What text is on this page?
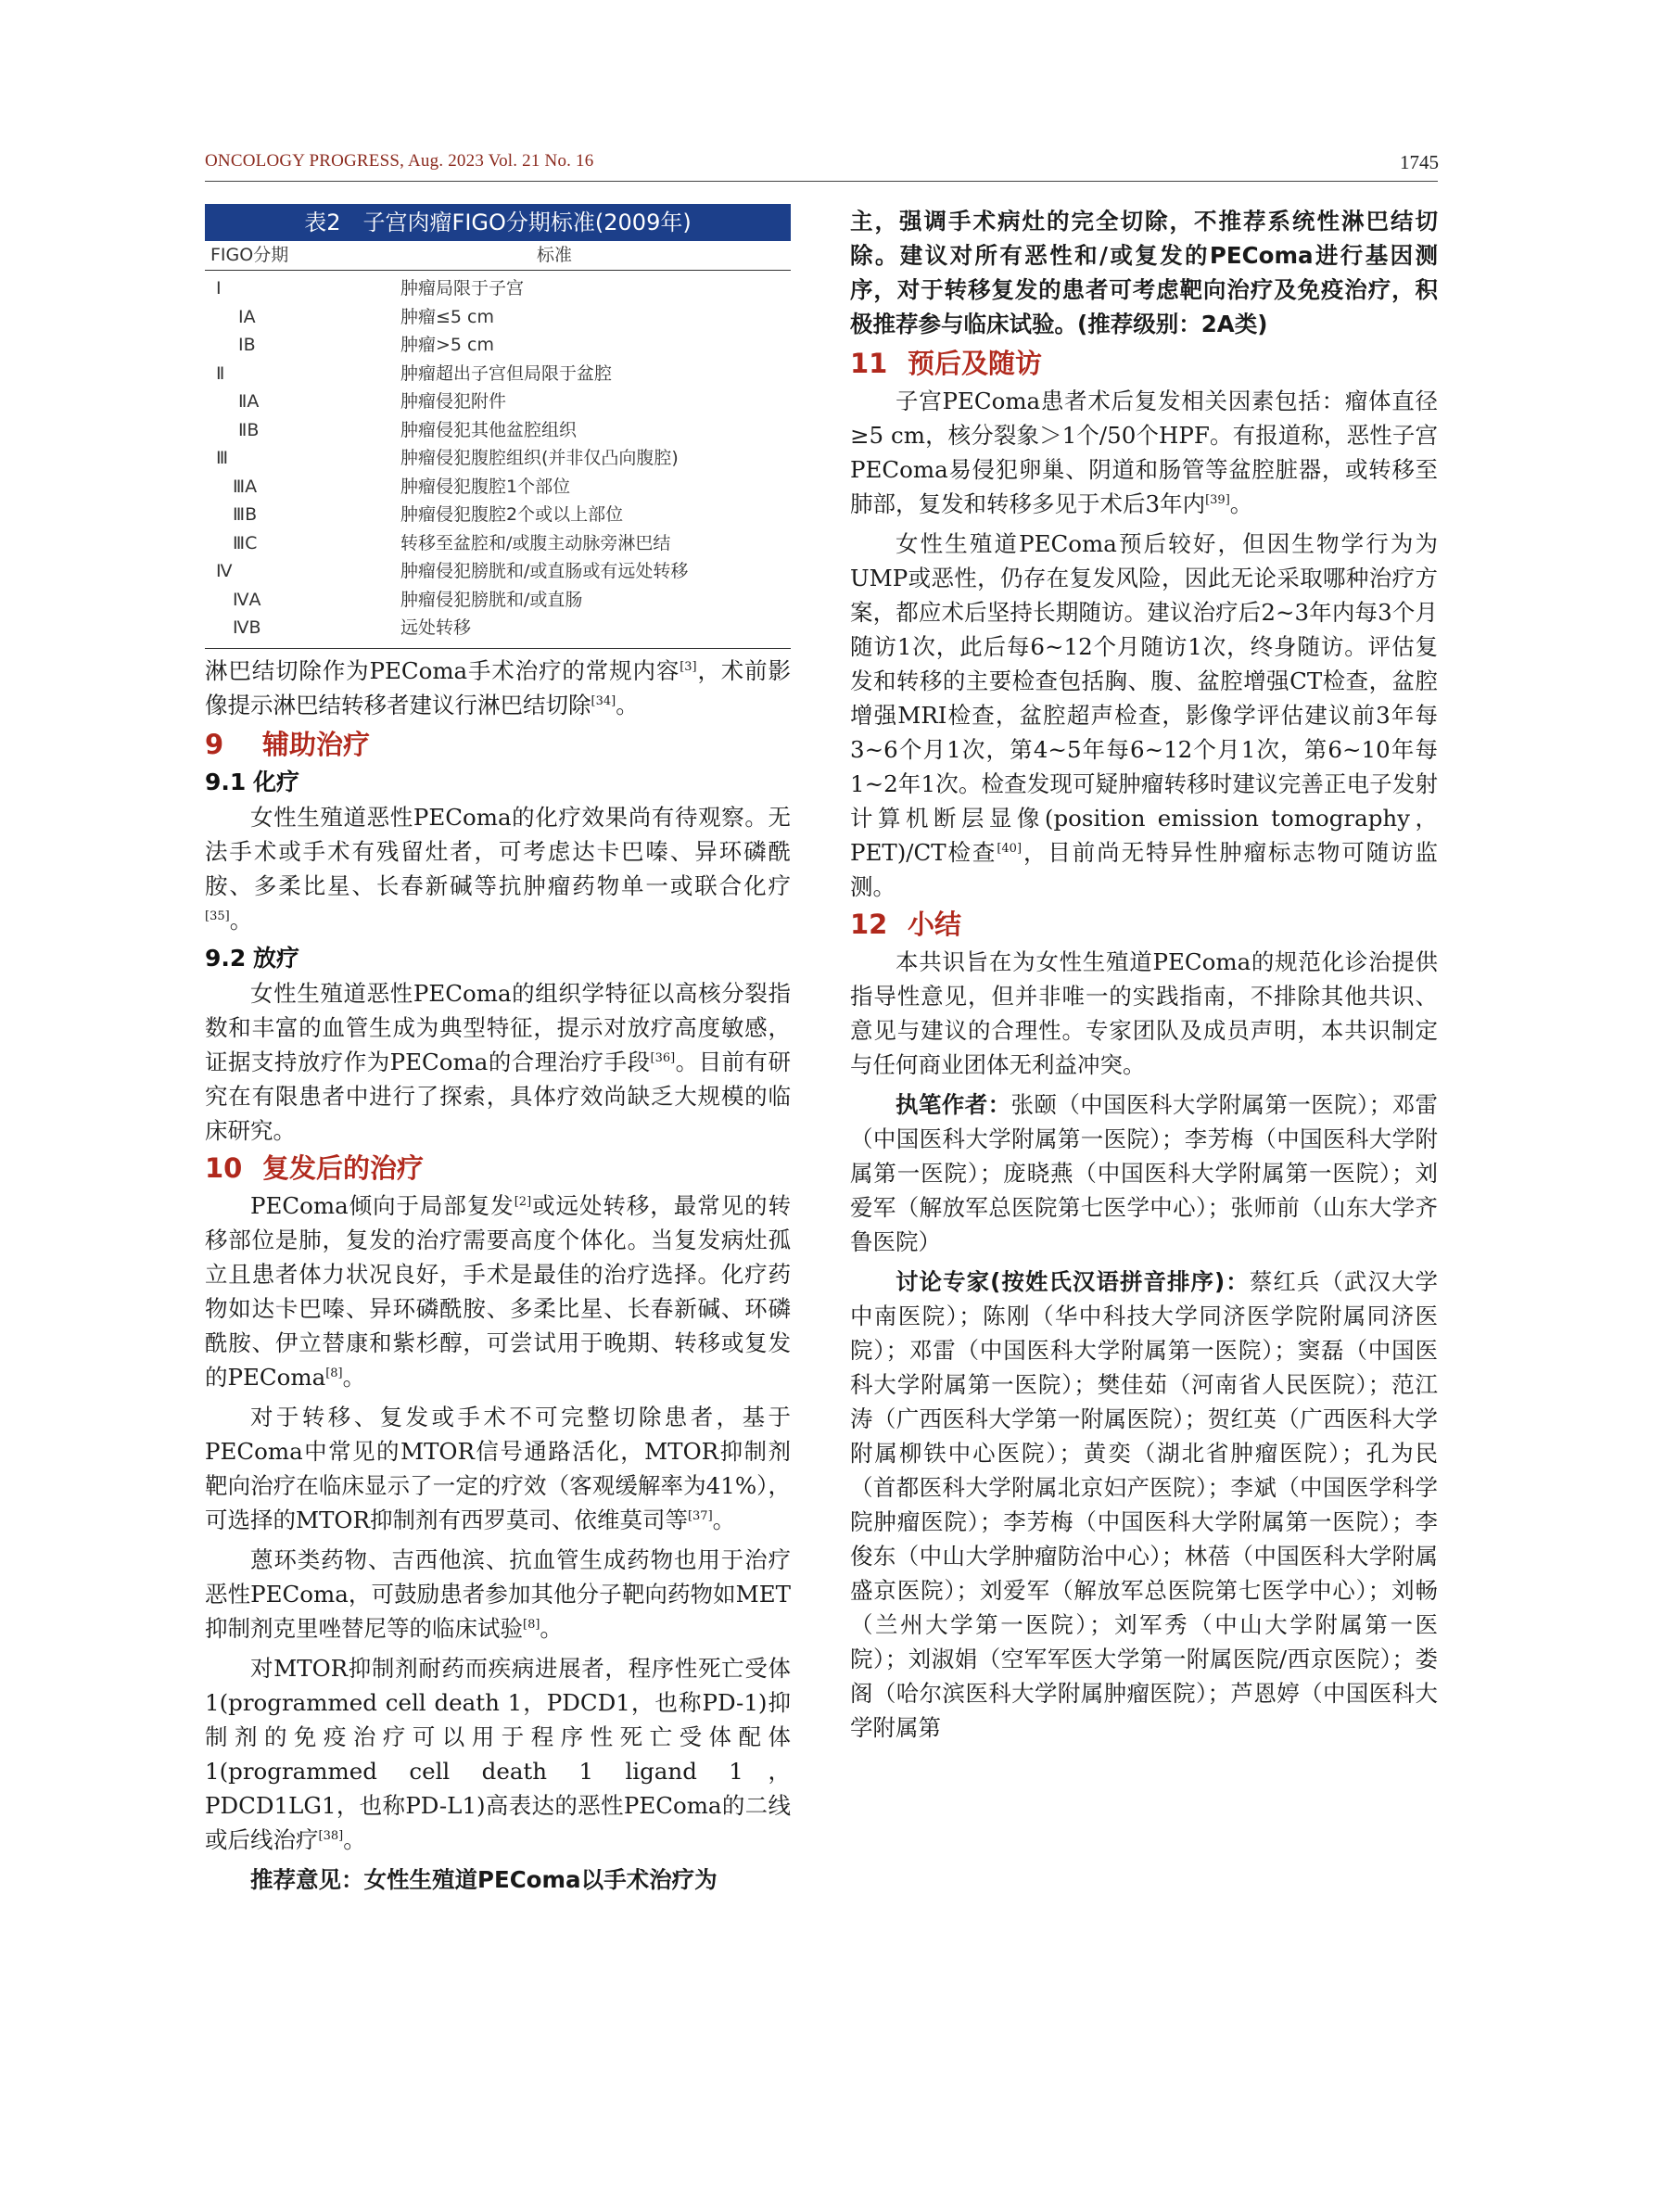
ONCOLOGY PROGRESS, Aug. 2023 Vol. 21 No. 16	1745
表2　子宫肉瘤FIGO分期标准(2009年)
FIGO分期	标准
Ⅰ	肿瘤局限于子宫
ⅠA	肿瘤≤5 cm
ⅠB	肿瘤>5 cm
Ⅱ	肿瘤超出子宫但局限于盆腔
ⅡA	肿瘤侵犯附件
ⅡB	肿瘤侵犯其他盆腔组织
Ⅲ	肿瘤侵犯腹腔组织(并非仅凸向腹腔)
ⅢA	肿瘤侵犯腹腔1个部位
ⅢB	肿瘤侵犯腹腔2个或以上部位
ⅢC	转移至盆腔和/或腹主动脉旁淋巴结
Ⅳ	肿瘤侵犯膀胱和/或直肠或有远处转移
ⅣA	肿瘤侵犯膀胱和/或直肠
ⅣB	远处转移

淋巴结切除作为PEComa手术治疗的常规内容[3]，术前影像提示淋巴结转移者建议行淋巴结切除[34]。

9 辅助治疗
9.1 化疗

女性生殖道恶性PEComa的化疗效果尚有待观察。无法手术或手术有残留灶者，可考虑达卡巴嗪、异环磷酰胺、多柔比星、长春新碱等抗肿瘤药物单一或联合化疗[35]。

9.2 放疗

女性生殖道恶性PEComa的组织学特征以高核分裂指数和丰富的血管生成为典型特征，提示对放疗高度敏感，证据支持放疗作为PEComa的合理治疗手段[36]。目前有研究在有限患者中进行了探索，具体疗效尚缺乏大规模的临床研究。

10 复发后的治疗

PEComa倾向于局部复发[2]或远处转移，最常见的转移部位是肺，复发的治疗需要高度个体化。当复发病灶孤立且患者体力状况良好，手术是最佳的治疗选择。化疗药物如达卡巴嗪、异环磷酰胺、多柔比星、长春新碱、环磷酰胺、伊立替康和紫杉醇，可尝试用于晚期、转移或复发的PEComa[8]。

对于转移、复发或手术不可完整切除患者，基于PEComa中常见的MTOR信号通路活化，MTOR抑制剂靶向治疗在临床显示了一定的疗效（客观缓解率为41%），可选择的MTOR抑制剂有西罗莫司、依维莫司等[37]。

蒽环类药物、吉西他滨、抗血管生成药物也用于治疗恶性PEComa，可鼓励患者参加其他分子靶向药物如MET抑制剂克里唑替尼等的临床试验[8]。

对MTOR抑制剂耐药而疾病进展者，程序性死亡受体1(programmed cell death 1，PDCD1，也称PD-1)抑制剂的免疫治疗可以用于程序性死亡受体配体1(programmed cell death 1 ligand 1，PDCD1LG1，也称PD-L1)高表达的恶性PEComa的二线或后线治疗[38]。

推荐意见：女性生殖道PEComa以手术治疗为

主，强调手术病灶的完全切除，不推荐系统性淋巴结切除。建议对所有恶性和/或复发的PEComa进行基因测序，对于转移复发的患者可考虑靶向治疗及免疫治疗，积极推荐参与临床试验。(推荐级别：2A类)

11 预后及随访

子宫PEComa患者术后复发相关因素包括：瘤体直径≥5 cm，核分裂象＞1个/50个HPF。有报道称，恶性子宫PEComa易侵犯卵巢、阴道和肠管等盆腔脏器，或转移至肺部，复发和转移多见于术后3年内[39]。

女性生殖道PEComa预后较好，但因生物学行为为UMP或恶性，仍存在复发风险，因此无论采取哪种治疗方案，都应术后坚持长期随访。建议治疗后2~3年内每3个月随访1次，此后每6~12个月随访1次，终身随访。评估复发和转移的主要检查包括胸、腹、盆腔增强CT检查，盆腔增强MRI检查，盆腔超声检查，影像学评估建议前3年每3~6个月1次，第4~5年每6~12个月1次，第6~10年每1~2年1次。检查发现可疑肿瘤转移时建议完善正电子发射计算机断层显像(position emission tomography，PET)/CT检查[40]，目前尚无特异性肿瘤标志物可随访监测。

12 小结

本共识旨在为女性生殖道PEComa的规范化诊治提供指导性意见，但并非唯一的实践指南，不排除其他共识、意见与建议的合理性。专家团队及成员声明，本共识制定与任何商业团体无利益冲突。

执笔作者：张颐（中国医科大学附属第一医院）；邓雷（中国医科大学附属第一医院）；李芳梅（中国医科大学附属第一医院）；庞晓燕（中国医科大学附属第一医院）；刘爱军（解放军总医院第七医学中心）；张师前（山东大学齐鲁医院）

讨论专家(按姓氏汉语拼音排序)：蔡红兵（武汉大学中南医院）；陈刚（华中科技大学同济医学院附属同济医院）；邓雷（中国医科大学附属第一医院）；窦磊（中国医科大学附属第一医院）；樊佳茹（河南省人民医院）；范江涛（广西医科大学第一附属医院）；贺红英（广西医科大学附属柳铁中心医院）；黄奕（湖北省肿瘤医院）；孔为民（首都医科大学附属北京妇产医院）；李斌（中国医学科学院肿瘤医院）；李芳梅（中国医科大学附属第一医院）；李俊东（中山大学肿瘤防治中心）；林蓓（中国医科大学附属盛京医院）；刘爱军（解放军总医院第七医学中心）；刘畅（兰州大学第一医院）；刘军秀（中山大学附属第一医院）；刘淑娟（空军军医大学第一附属医院/西京医院）；娄阁（哈尔滨医科大学附属肿瘤医院）；芦恩婷（中国医科大学附属第
